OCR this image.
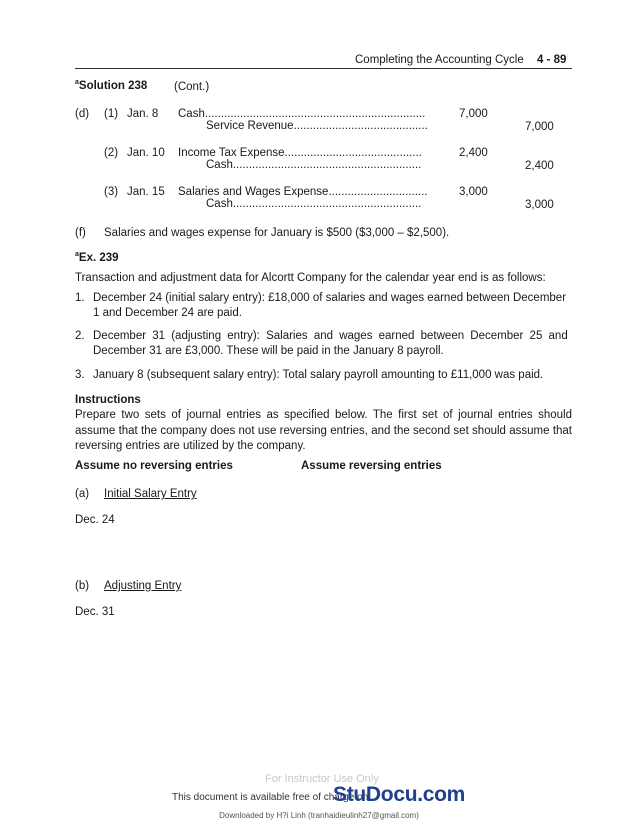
Completing the Accounting Cycle 4 - 89
$^a$Solution 238 (Cont.)
(d) (1) Jan. 8 Cash.....................................................................	7,000
Service Revenue..........................................	7,000
(2) Jan. 10 Income Tax Expense...........................................	2,400
Cash...........................................................	2,400
(3) Jan. 15 Salaries and Wages Expense...............................	3,000
Cash...........................................................	3,000
(f) Salaries and wages expense for January is $500 ($3,000 – $2,500).
$^a$Ex. 239
Transaction and adjustment data for Alcortt Company for the calendar year end is as follows:
1. December 24 (initial salary entry): £18,000 of salaries and wages earned between December
1 and December 24 are paid.
2. December 31 (adjusting entry): Salaries and wages earned between December 25 and
December 31 are £3,000. These will be paid in the January 8 payroll.
3. January 8 (subsequent salary entry): Total salary payroll amounting to £11,000 was paid.
Instructions
Prepare two sets of journal entries as specified below. The first set of journal entries should assume that the company does not use reversing entries, and the second set should assume that reversing entries are utilized by the company.
Assume no reversing entries	Assume reversing entries
(a) Initial Salary Entry
Dec. 24
(b) Adjusting Entry
Dec. 31
For Instructor Use Only
This document is available free of charge on
StuDocu.com
Downloaded by H?i Linh (tranhaidieulinh27@gmail.com)
